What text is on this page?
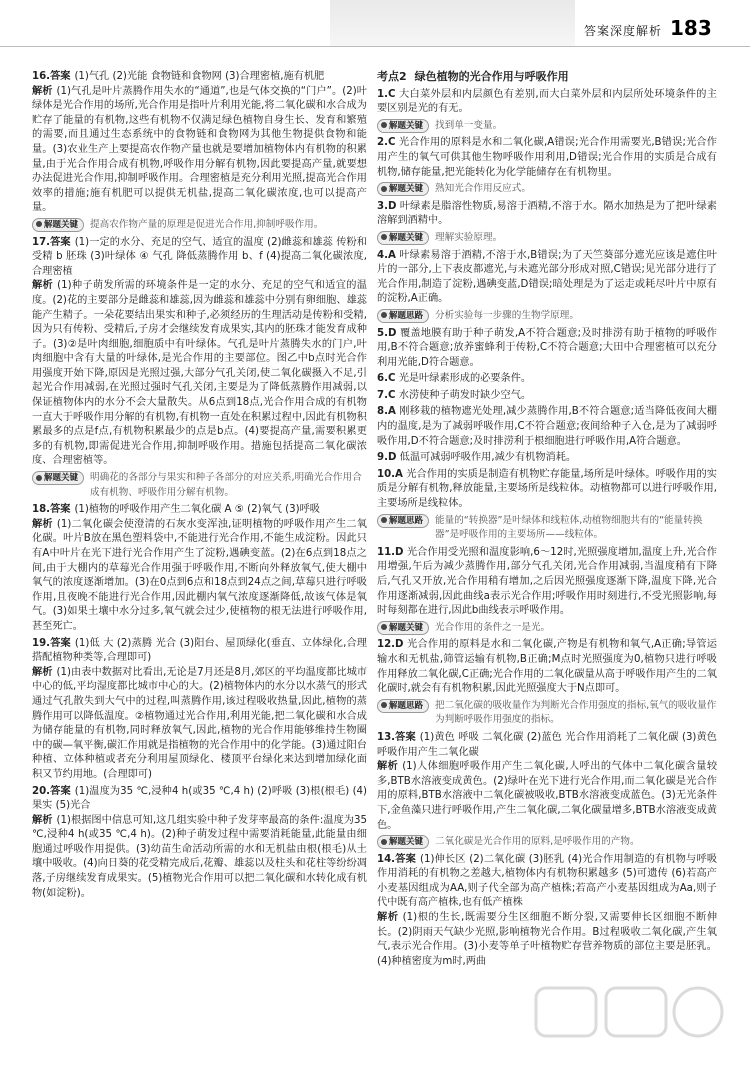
答案深度解析 183
16.答案 (1)气孔 (2)光能 食物链和食物网 (3)合理密植,施有机肥
解析 (1)气孔是叶片蒸腾作用失水的“通道”,也是气体交换的“门户”。(2)叶绿体是光合作用的场所,光合作用是指叶片利用光能,将二氧化碳和水合成为贮存了能量的有机物,这些有机物不仅满足绿色植物自身生长、发育和繁殖的需要,而且通过生态系统中的食物链和食物网为其他生物提供食物和能量。(3)农业生产上要提高农作物产量也就是要增加植物体内有机物的积累量,由于光合作用合成有机物,呼吸作用分解有机物,因此要提高产量,就要想办法促进光合作用,抑制呼吸作用。合理密植是充分利用光照,提高光合作用效率的措施;施有机肥可以提供无机盐,提高二氧化碳浓度,也可以提高产量。
解题关键	提高农作物产量的原理是促进光合作用,抑制呼吸作用。
17.答案 (1)一定的水分、充足的空气、适宜的温度 (2)雌蕊和雄蕊 传粉和受精 b 胚珠 (3)叶绿体 ④ 气孔 降低蒸腾作用 b、f (4)提高二氧化碳浓度,合理密植
解析 (1)种子萌发所需的环境条件是一定的水分、充足的空气和适宜的温度。(2)花的主要部分是雌蕊和雄蕊,因为雌蕊和雄蕊中分别有卵细胞、雄蕊能产生精子。一朵花要结出果实和种子,必须经历的生理活动是传粉和受精,因为只有传粉、受精后,子房才会继续发育成果实,其内的胚珠才能发育成种子。(3)②是叶肉细胞,细胞质中有叶绿体。气孔是叶片蒸腾失水的门户,叶肉细胞中含有大量的叶绿体,是光合作用的主要部位。图乙中b点时光合作用强度开始下降,原因是光照过强,大部分气孔关闭,使二氧化碳摄入不足,引起光合作用减弱,在光照过强时气孔关闭,主要是为了降低蒸腾作用减弱,以保证植物体内的水分不会大量散失。从6点到18点,光合作用合成的有机物一直大于呼吸作用分解的有机物,有机物一直处在积累过程中,因此有机物积累最多的点是f点,有机物积累最少的点是b点。(4)要提高产量,需要积累更多的有机物,即需促进光合作用,抑制呼吸作用。措施包括提高二氧化碳浓度、合理密植等。
解题关键	明确花的各部分与果实和种子各部分的对应关系,明确光合作用合成有机物、呼吸作用分解有机物。
18.答案 (1)植物的呼吸作用产生二氧化碳 A ⑤ (2)氧气 (3)呼吸
解析 (1)二氧化碳会使澄清的石灰水变浑浊,证明植物的呼吸作用产生二氧化碳。叶片B放在黑色塑料袋中,不能进行光合作用,不能生成淀粉。因此只有A中叶片在光下进行光合作用产生了淀粉,遇碘变蓝。(2)在6点到18点之间,由于大棚内的草莓光合作用强于呼吸作用,不断向外释放氧气,使大棚中氧气的浓度逐渐增加。(3)在0点到6点和18点到24点之间,草莓只进行呼吸作用,且夜晚不能进行光合作用,因此棚内氧气浓度逐渐降低,故该气体是氧气。(3)如果土壤中水分过多,氧气就会过少,使植物的根无法进行呼吸作用,甚至死亡。
19.答案 (1)低 大 (2)蒸腾 光合 (3)阳台、屋顶绿化(垂直、立体绿化,合理搭配植物种类等,合理即可)
解析 (1)由表中数据对比看出,无论是7月还是8月,郊区的平均温度都比城市中心的低,平均湿度都比城市中心的大。(2)植物体内的水分以水蒸气的形式通过气孔散失到大气中的过程,叫蒸腾作用,该过程吸收热量,因此,植物的蒸腾作用可以降低温度。②植物通过光合作用,利用光能,把二氧化碳和水合成为储存能量的有机物,同时释放氧气,因此,植物的光合作用能够维持生物圈中的碳—氧平衡,碳汇作用就是指植物的光合作用中的化学能。(3)通过阳台种植、立体种植或者充分利用屋顶绿化、楼顶平台绿化来达到增加绿化面积又节约用地。(合理即可)
20.答案 (1)温度为35 ℃,浸种4 h(或35 ℃,4 h) (2)呼吸 (3)根(根毛) (4)果实 (5)光合
解析 (1)根据图中信息可知,这几组实验中种子发芽率最高的条件:温度为35 ℃,浸种4 h(或35 ℃,4 h)。(2)种子萌发过程中需要消耗能量,此能量由细胞通过呼吸作用提供。(3)幼苗生命活动所需的水和无机盐由根(根毛)从土壤中吸收。(4)向日葵的花受精完成后,花瓣、雄蕊以及柱头和花柱等纷纷凋落,子房继续发育成果实。(5)植物光合作用可以把二氧化碳和水转化成有机物(如淀粉)。
考点2 绿色植物的光合作用与呼吸作用
1.C 大白菜外层和内层颜色有差别,而大白菜外层和内层所处环境条件的主要区别是光的有无。
解题关键	找到单一变量。
2.C 光合作用的原料是水和二氧化碳,A错误;光合作用需要光,B错误;光合作用产生的氧气可供其他生物呼吸作用利用,D错误;光合作用的实质是合成有机物,储存能量,把光能转化为化学能储存在有机物里。
解题关键	熟知光合作用反应式。
3.D 叶绿素是脂溶性物质,易溶于酒精,不溶于水。隔水加热是为了把叶绿素溶解到酒精中。
解题关键	理解实验原理。
4.A 叶绿素易溶于酒精,不溶于水,B错误;为了天竺葵部分遮光应该是遮住叶片的一部分,上下表皮都遮光,与未遮光部分形成对照,C错误;见光部分进行了光合作用,制造了淀粉,遇碘变蓝,D错误;暗处理是为了运走或耗尽叶片中原有的淀粉,A正确。
解题思路	分析实验每一步骤的生物学原理。
5.D 覆盖地膜有助于种子萌发,A不符合题意;及时排涝有助于植物的呼吸作用,B不符合题意;放养蜜蜂利于传粉,C不符合题意;大田中合理密植可以充分利用光能,D符合题意。
6.C 光是叶绿素形成的必要条件。
7.C 水涝使种子萌发时缺少空气。
8.A 刚移栽的植物遮光处理,减少蒸腾作用,B不符合题意;适当降低夜间大棚内的温度,是为了减弱呼吸作用,C不符合题意;夜间给种子入仓,是为了减弱呼吸作用,D不符合题意;及时排涝利于根细胞进行呼吸作用,A符合题意。
9.D 低温可减弱呼吸作用,减少有机物消耗。
10.A 光合作用的实质是制造有机物贮存能量,场所是叶绿体。呼吸作用的实质是分解有机物,释放能量,主要场所是线粒体。动植物都可以进行呼吸作用,主要场所是线粒体。
解题思路	能量的“转换器”是叶绿体和线粒体,动植物细胞共有的“能量转换器”是呼吸作用的主要场所——线粒体。
11.D 光合作用受光照和温度影响,6～12时,光照强度增加,温度上升,光合作用增强,午后为减少蒸腾作用,部分气孔关闭,光合作用减弱,当温度稍有下降后,气孔又开放,光合作用稍有增加,之后因光照强度逐渐下降,温度下降,光合作用逐渐减弱,因此曲线a表示光合作用;呼吸作用时刻进行,不受光照影响,每时每刻都在进行,因此b曲线表示呼吸作用。
解题关键	光合作用的条件之一是光。
12.D 光合作用的原料是水和二氧化碳,产物是有机物和氧气,A正确;导管运输水和无机盐,筛管运输有机物,B正确;M点时光照强度为0,植物只进行呼吸作用释放二氧化碳,C正确;光合作用的二氧化碳量从高于呼吸作用产生的二氧化碳时,就会有有机物积累,因此光照强度大于N点即可。
解题思路	把二氧化碳的吸收量作为判断光合作用强度的指标,氧气的吸收量作为判断呼吸作用强度的指标。
13.答案 (1)黄色 呼吸 二氧化碳 (2)蓝色 光合作用消耗了二氧化碳 (3)黄色 呼吸作用产生二氧化碳
解析 (1)人体细胞呼吸作用产生二氧化碳,人呼出的气体中二氧化碳含量较多,BTB水溶液变成黄色。(2)绿叶在光下进行光合作用,而二氧化碳是光合作用的原料,BTB水溶液中二氧化碳被吸收,BTB水溶液变成蓝色。(3)无光条件下,金鱼藻只进行呼吸作用,产生二氧化碳,二氧化碳量增多,BTB水溶液变成黄色。
解题关键	二氧化碳是光合作用的原料,是呼吸作用的产物。
14.答案 (1)伸长区 (2)二氧化碳 (3)胚乳 (4)光合作用制造的有机物与呼吸作用消耗的有机物之差越大,植物体内有机物积累越多 (5)可遗传 (6)若高产小麦基因组成为AA,则子代全部为高产植株;若高产小麦基因组成为Aa,则子代中既有高产植株,也有低产植株
解析 (1)根的生长,既需要分生区细胞不断分裂,又需要伸长区细胞不断伸长。(2)阴雨天气缺少光照,影响植物光合作用。B过程吸收二氧化碳,产生氧气,表示光合作用。(3)小麦等单子叶植物贮存营养物质的部位主要是胚乳。(4)种植密度为m时,两曲
